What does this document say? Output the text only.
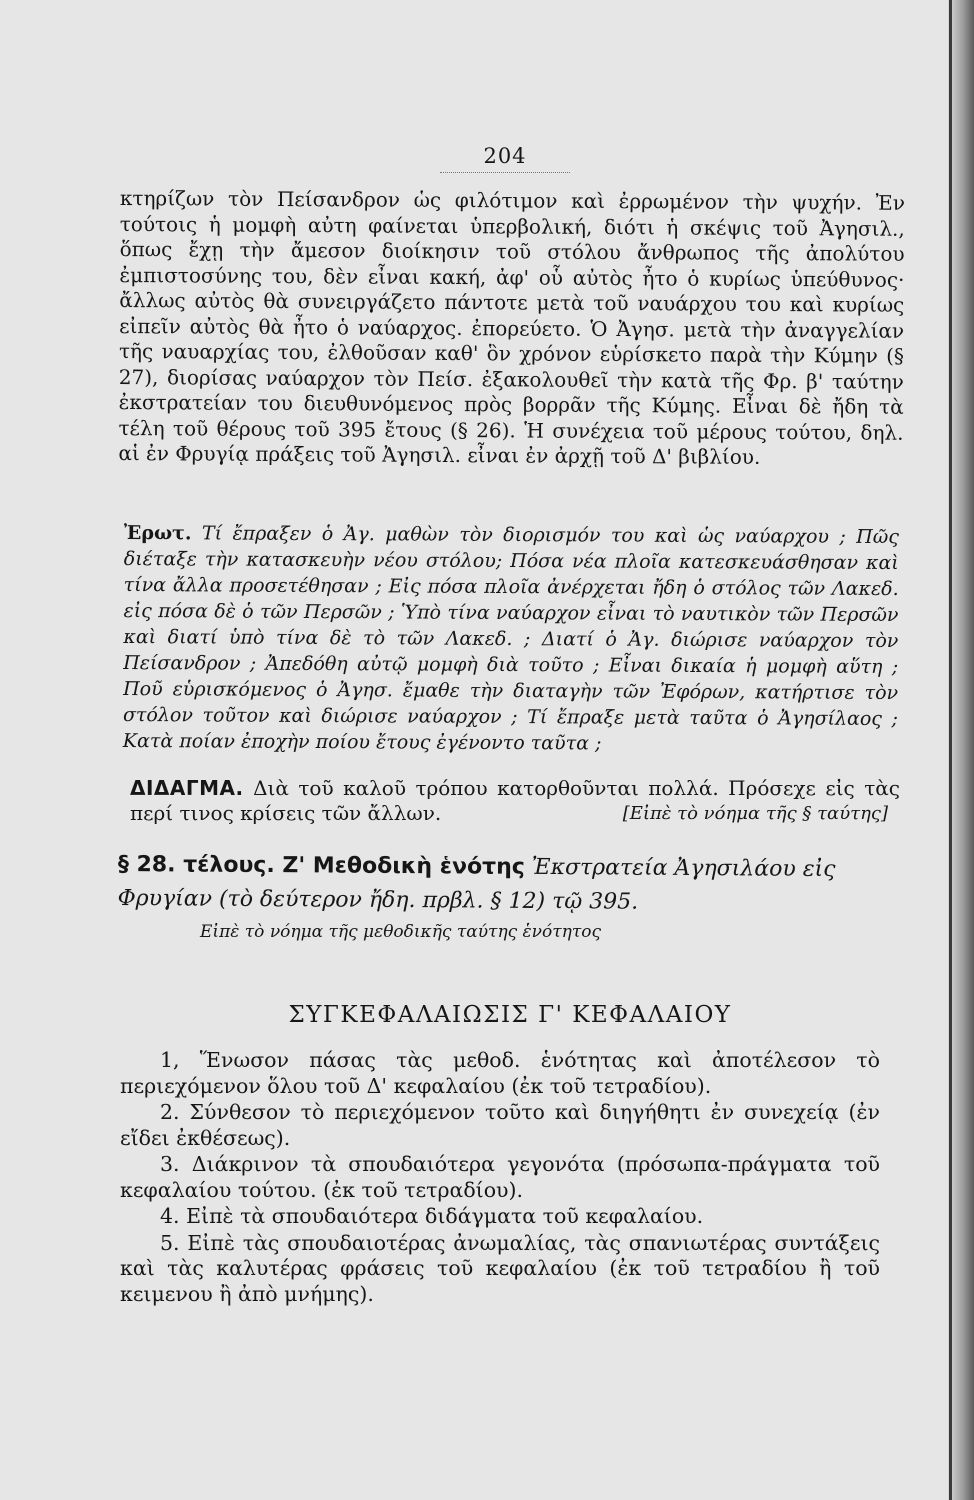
204

κτηρίζων τὸν Πείσανδρον ὡς φιλότιμον καὶ ἐρρωμένον τὴν ψυχήν. Ἐν τούτοις ἡ μομφὴ αὐτη φαίνεται ὑπερβολική, διότι ἡ σκέψις τοῦ Ἀγησιλ., ὅπως ἔχῃ τὴν ἄμεσον διοίκησιν τοῦ στόλου ἄνθρωπος τῆς ἀπολύτου ἐμπιστοσύνης του, δὲν εἶναι κακή, ἀφ' οὗ αὐτὸς ἦτο ὁ κυρίως ὑπεύθυνος· ἄλλως αὐτὸς θὰ συνειργάζετο πάντοτε μετὰ τοῦ ναυάρχου του καὶ κυρίως εἰπεῖν αὐτὸς θὰ ἦτο ὁ ναύαρχος. ἐπορεύετο. Ὁ Ἀγησ. μετὰ τὴν ἀναγγελίαν τῆς ναυαρχίας του, ἐλθοῦσαν καθ' ὃν χρόνον εὑρίσκετο παρὰ τὴν Κύμην (§ 27), διορίσας ναύαρχον τὸν Πείσ. ἐξακολουθεῖ τὴν κατὰ τῆς Φρ. β' ταύτην ἐκστρατείαν του διευθυνόμενος πρὸς βορρᾶν τῆς Κύμης. Εἶναι δὲ ἤδη τὰ τέλη τοῦ θέρους τοῦ 395 ἔτους (§ 26). Ἡ συνέχεια τοῦ μέρους τούτου, δηλ. αἱ ἐν Φρυγίᾳ πράξεις τοῦ Ἀγησιλ. εἶναι ἐν ἀρχῇ τοῦ Δ' βιβλίου.

Ἐρωτ. Τί ἔπραξεν ὁ Ἀγ. μαθὼν τὸν διορισμόν του καὶ ὡς ναύαρχου ; Πῶς διέταξε τὴν κατασκευὴν νέου στόλου; Πόσα νέα πλοῖα κατεσκευάσθησαν καὶ τίνα ἄλλα προσετέθησαν ; Εἰς πόσα πλοῖα ἀνέρχεται ἤδη ὁ στόλος τῶν Λακεδ. εἰς πόσα δὲ ὁ τῶν Περσῶν ; Ὑπὸ τίνα ναύαρχον εἶναι τὸ ναυτικὸν τῶν Περσῶν καὶ διατί ὑπὸ τίνα δὲ τὸ τῶν Λακεδ. ; Διατί ὁ Ἀγ. διώρισε ναύαρχον τὸν Πείσανδρον ; Ἀπεδόθη αὐτῷ μομφὴ διὰ τοῦτο ; Εἶναι δικαία ἡ μομφὴ αὕτη ; Ποῦ εὑρισκόμενος ὁ Ἀγησ. ἔμαθε τὴν διαταγὴν τῶν Ἐφόρων, κατήρτισε τὸν στόλον τοῦτον καὶ διώρισε ναύαρχον ; Τί ἔπραξε μετὰ ταῦτα ὁ Ἀγησίλαος ; Κατὰ ποίαν ἐποχὴν ποίου ἔτους ἐγένοντο ταῦτα ;

ΔΙΔΑΓΜΑ. Διὰ τοῦ καλοῦ τρόπου κατορθοῦνται πολλά. Πρόσεχε εἰς τὰς περί τινος κρίσεις τῶν ἄλλων.	[Εἰπὲ τὸ νόημα τῆς § ταύτης]

§ 28. τέλους. Ζ' Μεθοδικὴ ἑνότης Ἐκστρατεία Ἀγησιλάου εἰς Φρυγίαν (τὸ δεύτερον ἤδη. πρβλ. § 12) τῷ 395.
Εἰπὲ τὸ νόημα τῆς μεθοδικῆς ταύτης ἑνότητος
ΣΥΓΚΕΦΑΛΑΙΩΣΙΣ Γ' ΚΕΦΑΛΑΙΟΥ
1, Ἕνωσον πάσας τὰς μεθοδ. ἑνότητας καὶ ἀποτέλεσον τὸ περιεχόμενον ὅλου τοῦ Δ' κεφαλαίου (ἐκ τοῦ τετραδίου).
2. Σύνθεσον τὸ περιεχόμενον τοῦτο καὶ διηγήθητι ἐν συνεχείᾳ (ἐν εἴδει ἐκθέσεως).
3. Διάκρινον τὰ σπουδαιότερα γεγονότα (πρόσωπα-πράγματα τοῦ κεφαλαίου τούτου. (ἐκ τοῦ τετραδίου).
4. Εἰπὲ τὰ σπουδαιότερα διδάγματα τοῦ κεφαλαίου.
5. Εἰπὲ τὰς σπουδαιοτέρας ἀνωμαλίας, τὰς σπανιωτέρας συντάξεις καὶ τὰς καλυτέρας φράσεις τοῦ κεφαλαίου (ἐκ τοῦ τετραδίου ἢ τοῦ κειμενου ἢ ἀπὸ μνήμης).
